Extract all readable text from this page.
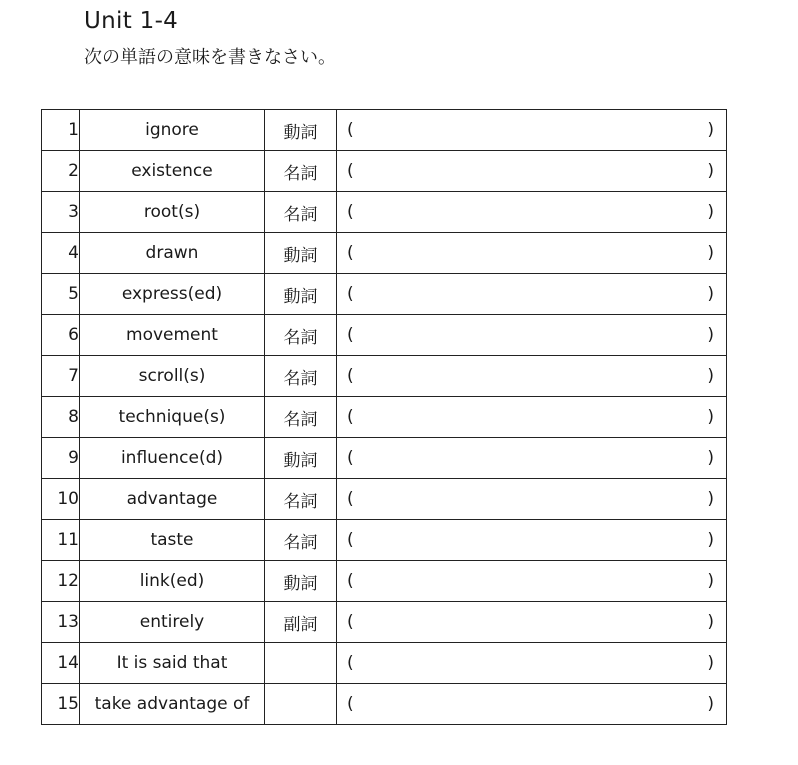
Unit 1-4
次の単語の意味を書きなさい。
1	ignore	動詞	( )

2	existence	名詞	( )

3	root(s)	名詞	( )

4	drawn	動詞	( )

5	express(ed)	動詞	( )

6	movement	名詞	( )

7	scroll(s)	名詞	( )

8	technique(s)	名詞	( )

9	influence(d)	動詞	( )

10	advantage	名詞	( )

11	taste	名詞	( )

12	link(ed)	動詞	( )

13	entirely	副詞	( )

14	It is said that		( )

15	take advantage of		( )
